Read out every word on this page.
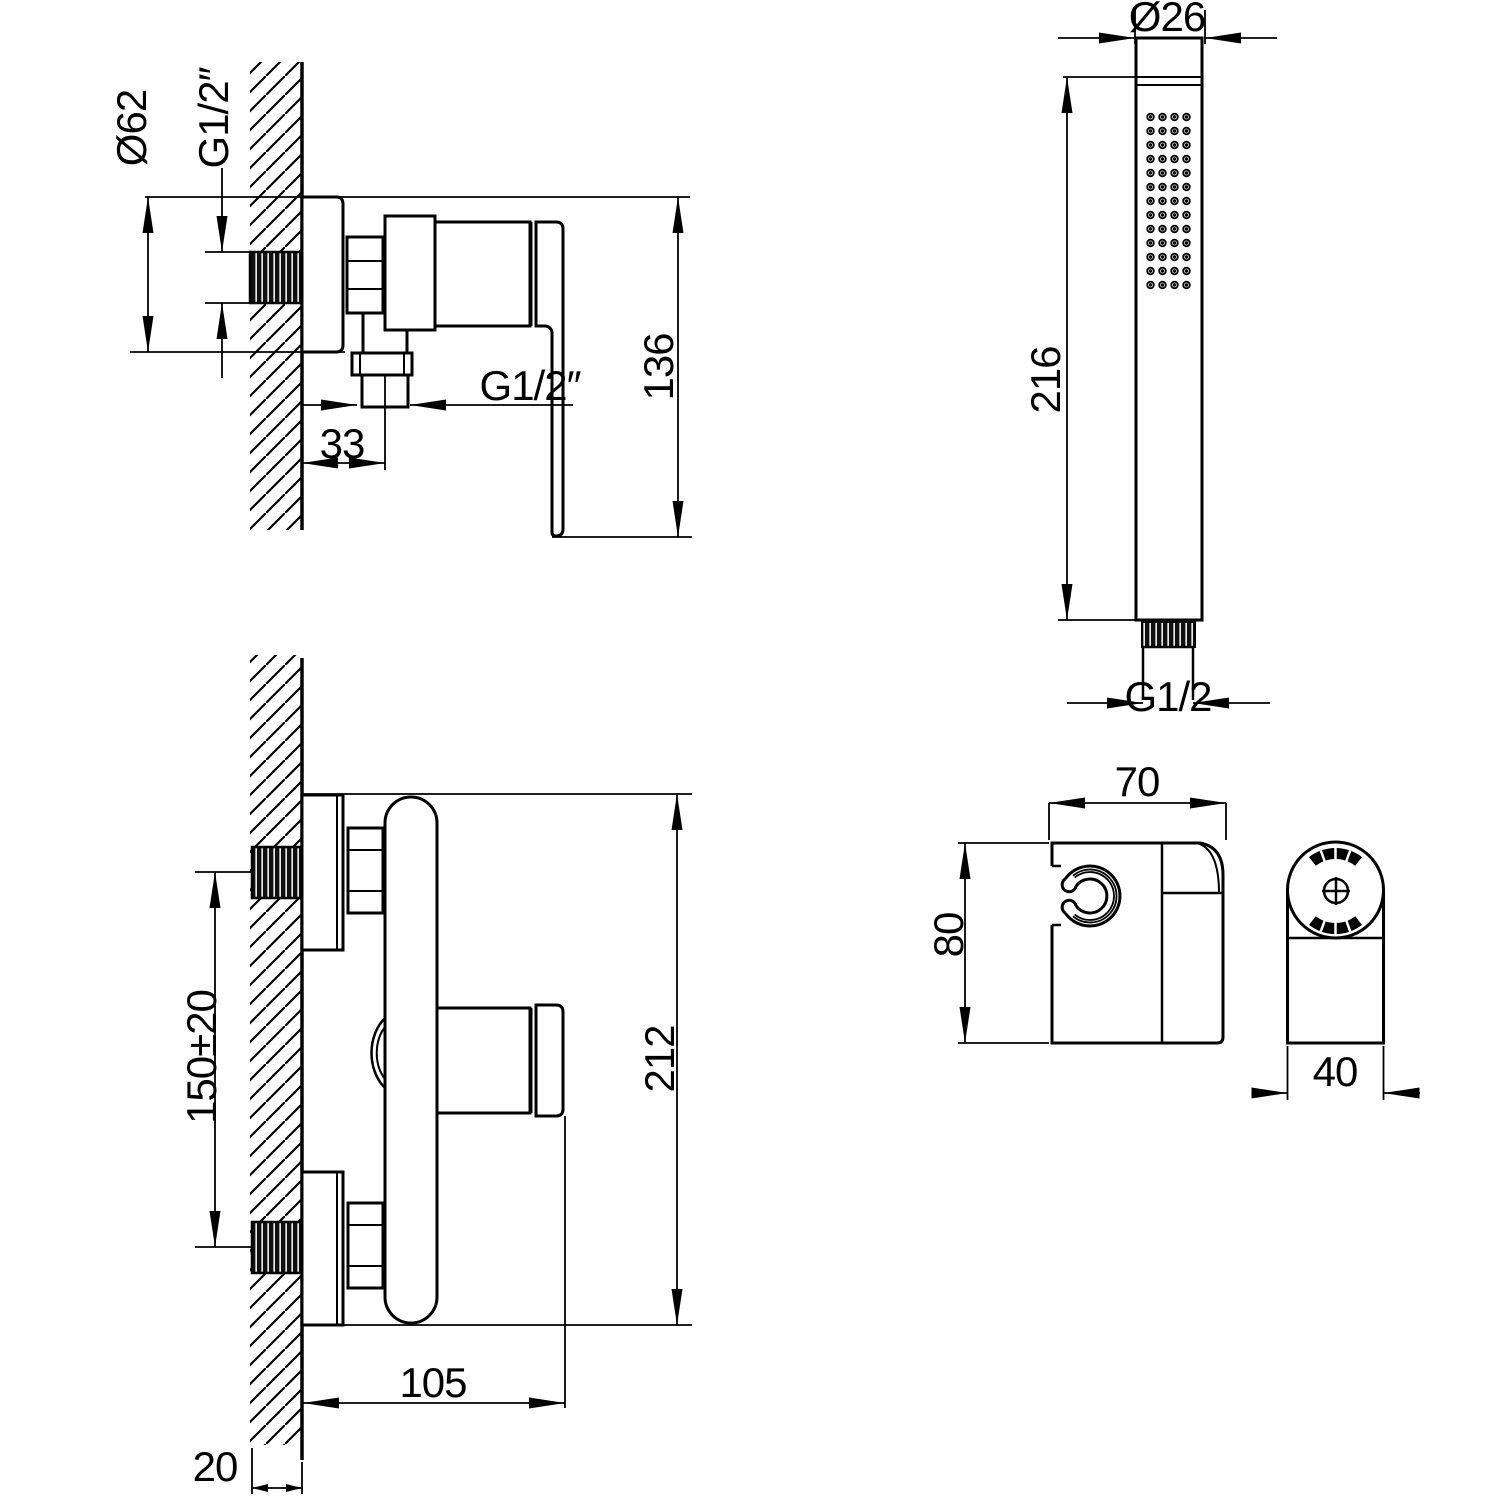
Ø62 G1/2″
136
33
G1/2″
Ø26
216
G1/2
150±20	212
105
20
70
80
40
